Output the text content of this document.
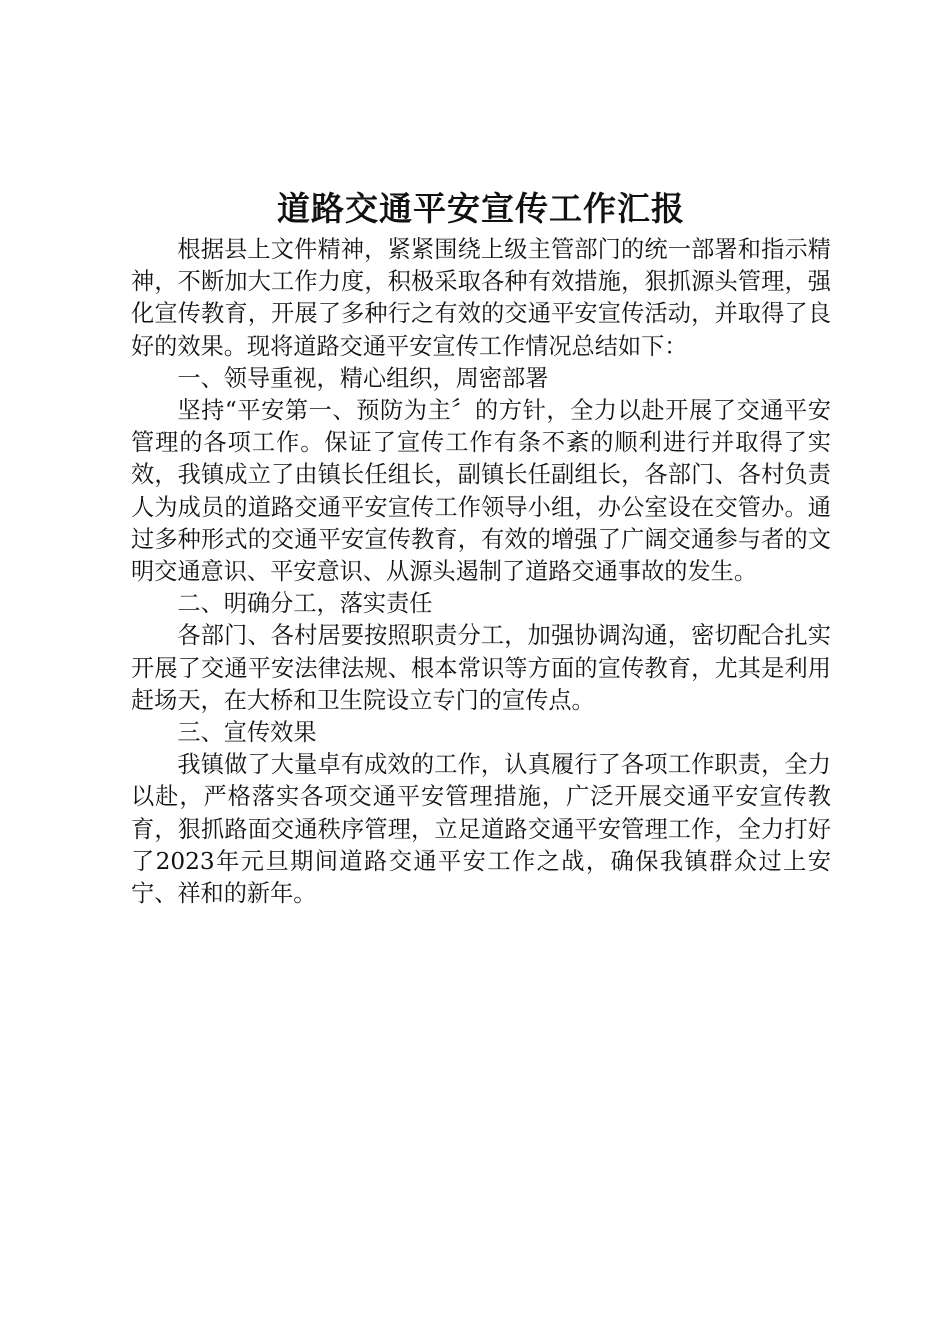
道路交通平安宣传工作汇报

根据县上文件精神，紧紧围绕上级主管部门的统一部署和指示精神，不断加大工作力度，积极采取各种有效措施，狠抓源头管理，强化宣传教育，开展了多种行之有效的交通平安宣传活动，并取得了良好的效果。现将道路交通平安宣传工作情况总结如下：

一、领导重视，精心组织，周密部署

坚持“平安第一、预防为主〞的方针，全力以赴开展了交通平安管理的各项工作。保证了宣传工作有条不紊的顺利进行并取得了实效，我镇成立了由镇长任组长，副镇长任副组长，各部门、各村负责人为成员的道路交通平安宣传工作领导小组，办公室设在交管办。通过多种形式的交通平安宣传教育，有效的增强了广阔交通参与者的文明交通意识、平安意识、从源头遏制了道路交通事故的发生。

二、明确分工，落实责任

各部门、各村居要按照职责分工，加强协调沟通，密切配合扎实开展了交通平安法律法规、根本常识等方面的宣传教育，尤其是利用赶场天，在大桥和卫生院设立专门的宣传点。

三、宣传效果

我镇做了大量卓有成效的工作，认真履行了各项工作职责，全力以赴，严格落实各项交通平安管理措施，广泛开展交通平安宣传教育，狠抓路面交通秩序管理，立足道路交通平安管理工作，全力打好了2023年元旦期间道路交通平安工作之战，确保我镇群众过上安宁、祥和的新年。
